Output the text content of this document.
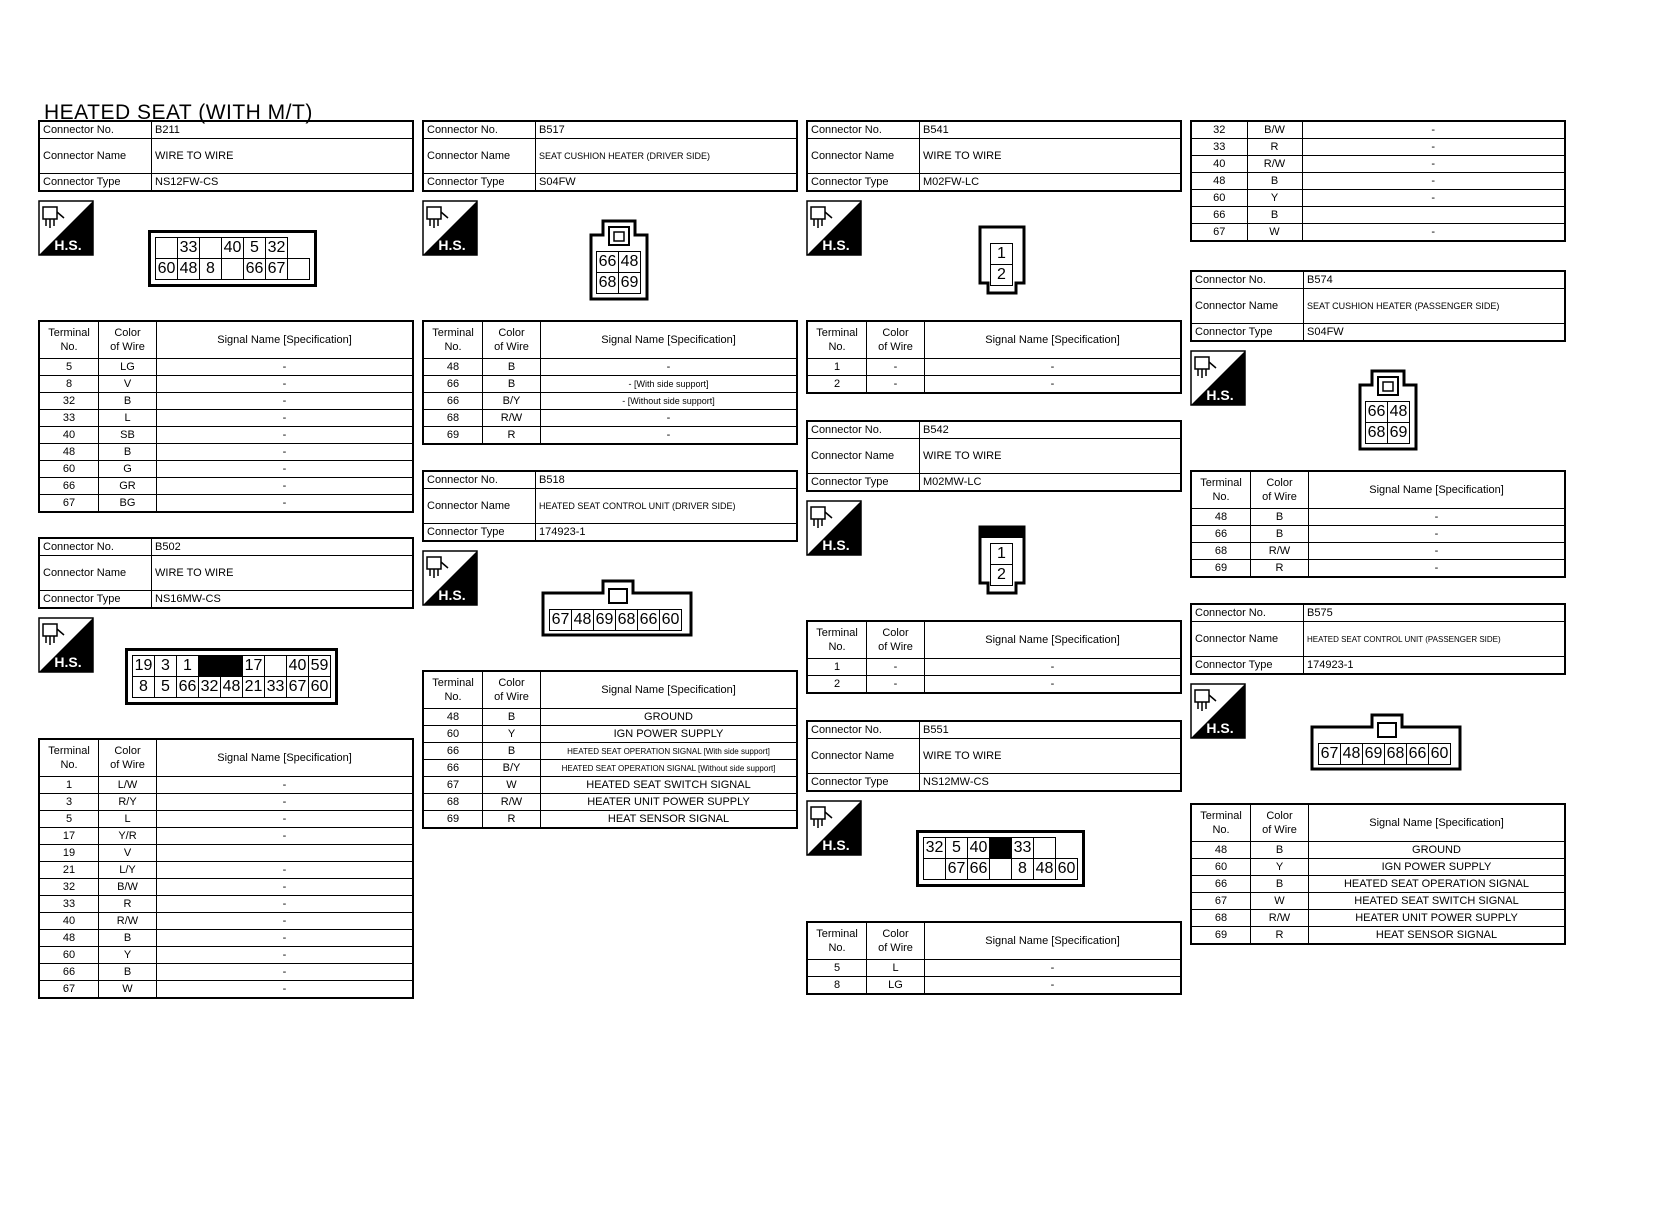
HEATED SEAT (WITH M/T)
Connector No.	B211
Connector Name	WIRE TO WIRE
Connector Type	NS12FW-CS
H.S.
		33		40	5	32	
60	48	8		66	67	
Terminal
No.	Color
of Wire	Signal Name [Specification]
5	LG	-
8	V	-
32	B	-
33	L	-
40	SB	-
48	B	-
60	G	-
66	GR	-
67	BG	-
Connector No.	B502
Connector Name	WIRE TO WIRE
Connector Type	NS16MW-CS
H.S.	19	3	1			17		40	59
8	5	66	32	48	21	33	67	60
Terminal
No.	Color
of Wire	Signal Name [Specification]
1	L/W	-
3	R/Y	-
5	L	-
17	Y/R	-
19	V	
21	L/Y	-
32	B/W	-
33	R	-
40	R/W	-
48	B	-
60	Y	-
66	B	-
67	W	-
Connector No.	B517
Connector Name	SEAT CUSHION HEATER (DRIVER SIDE)
Connector Type	S04FW
H.S.
66	48
68	69
Terminal
No.	Color
of Wire	Signal Name [Specification]
48	B	-
66	B	- [With side support]
66	B/Y	- [Without side support]
68	R/W	-
69	R	-
Connector No.	B518
Connector Name	HEATED SEAT CONTROL UNIT (DRIVER SIDE)
Connector Type	174923-1
H.S.
67	48	69	68	66	60
Terminal
No.	Color
of Wire	Signal Name [Specification]
48	B	GROUND
60	Y	IGN POWER SUPPLY
66	B	HEATED SEAT OPERATION SIGNAL [With side support]
66	B/Y	HEATED SEAT OPERATION SIGNAL [Without side support]
67	W	HEATED SEAT SWITCH SIGNAL
68	R/W	HEATER UNIT POWER SUPPLY
69	R	HEAT SENSOR SIGNAL
Connector No.	B541
Connector Name	WIRE TO WIRE
Connector Type	M02FW-LC
H.S.	1
2
Terminal
No.	Color
of Wire	Signal Name [Specification]
1	-	-
2	-	-
Connector No.	B542
Connector Name	WIRE TO WIRE
Connector Type	M02MW-LC
H.S.	1
2
Terminal
No.	Color
of Wire	Signal Name [Specification]
1	-	-
2	-	-
Connector No.	B551
Connector Name	WIRE TO WIRE
Connector Type	NS12MW-CS
H.S.	32	5	40		33		
	67	66		8	48	60
Terminal
No.	Color
of Wire	Signal Name [Specification]
5	L	-
8	LG	-
32	B/W	-
33	R	-
40	R/W	-
48	B	-
60	Y	-
66	B	
67	W	-
Connector No.	B574
Connector Name	SEAT CUSHION HEATER (PASSENGER SIDE)
Connector Type	S04FW
H.S.
66	48
68	69
Terminal
No.	Color
of Wire	Signal Name [Specification]
48	B	-
66	B	-
68	R/W	-
69	R	-
Connector No.	B575
Connector Name	HEATED SEAT CONTROL UNIT (PASSENGER SIDE)
Connector Type	174923-1
H.S.
67	48	69	68	66	60
Terminal
No.	Color
of Wire	Signal Name [Specification]
48	B	GROUND
60	Y	IGN POWER SUPPLY
66	B	HEATED SEAT OPERATION SIGNAL
67	W	HEATED SEAT SWITCH SIGNAL
68	R/W	HEATER UNIT POWER SUPPLY
69	R	HEAT SENSOR SIGNAL
